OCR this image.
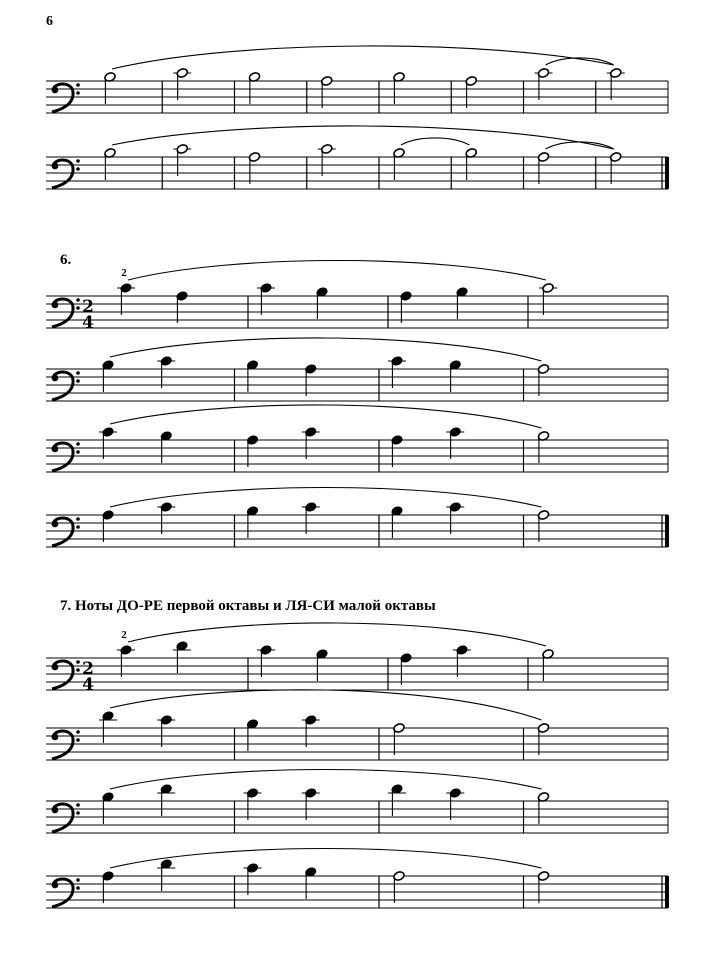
6
6.
7. Ноты ДО-РЕ первой октавы и ЛЯ-СИ малой октавы
2
4
2
2
4
2
